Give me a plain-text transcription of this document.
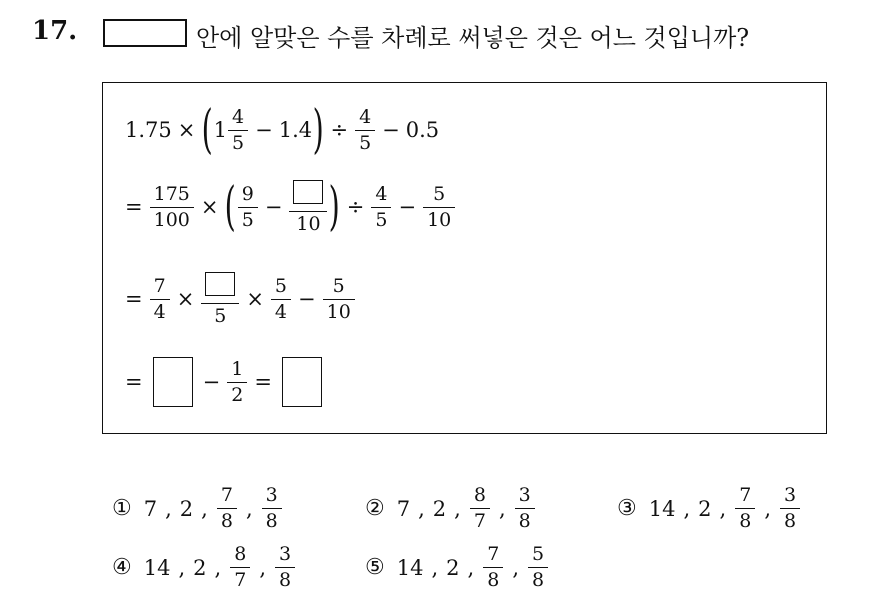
17.	안에 알맞은 수를 차례로 써넣은 것은 어느 것입니까?
1.75 × ( $1 \frac{4}{5} - 1.4$ ) ÷ $\frac{4}{5} - 0.5$
= $\frac{175}{100}$ × ( $\frac{9}{5}$ −
10 ) ÷ $\frac{4}{5} - \frac{5}{10}$
= $\frac{7}{4}$ ×
5
× $\frac{5}{4} - \frac{5}{10}$
=	− $\frac{1}{2}$ =
① 7 , 2 , $\frac{7}{8}$ , $\frac{3}{8}$	② 7 , 2 , $\frac{8}{7}$ , $\frac{3}{8}$	③ 14 , 2 , $\frac{7}{8}$ , $\frac{3}{8}$
④ 14 , 2 , $\frac{8}{7}$ , $\frac{3}{8}$	⑤ 14 , 2 , $\frac{7}{8}$ , $\frac{5}{8}$
